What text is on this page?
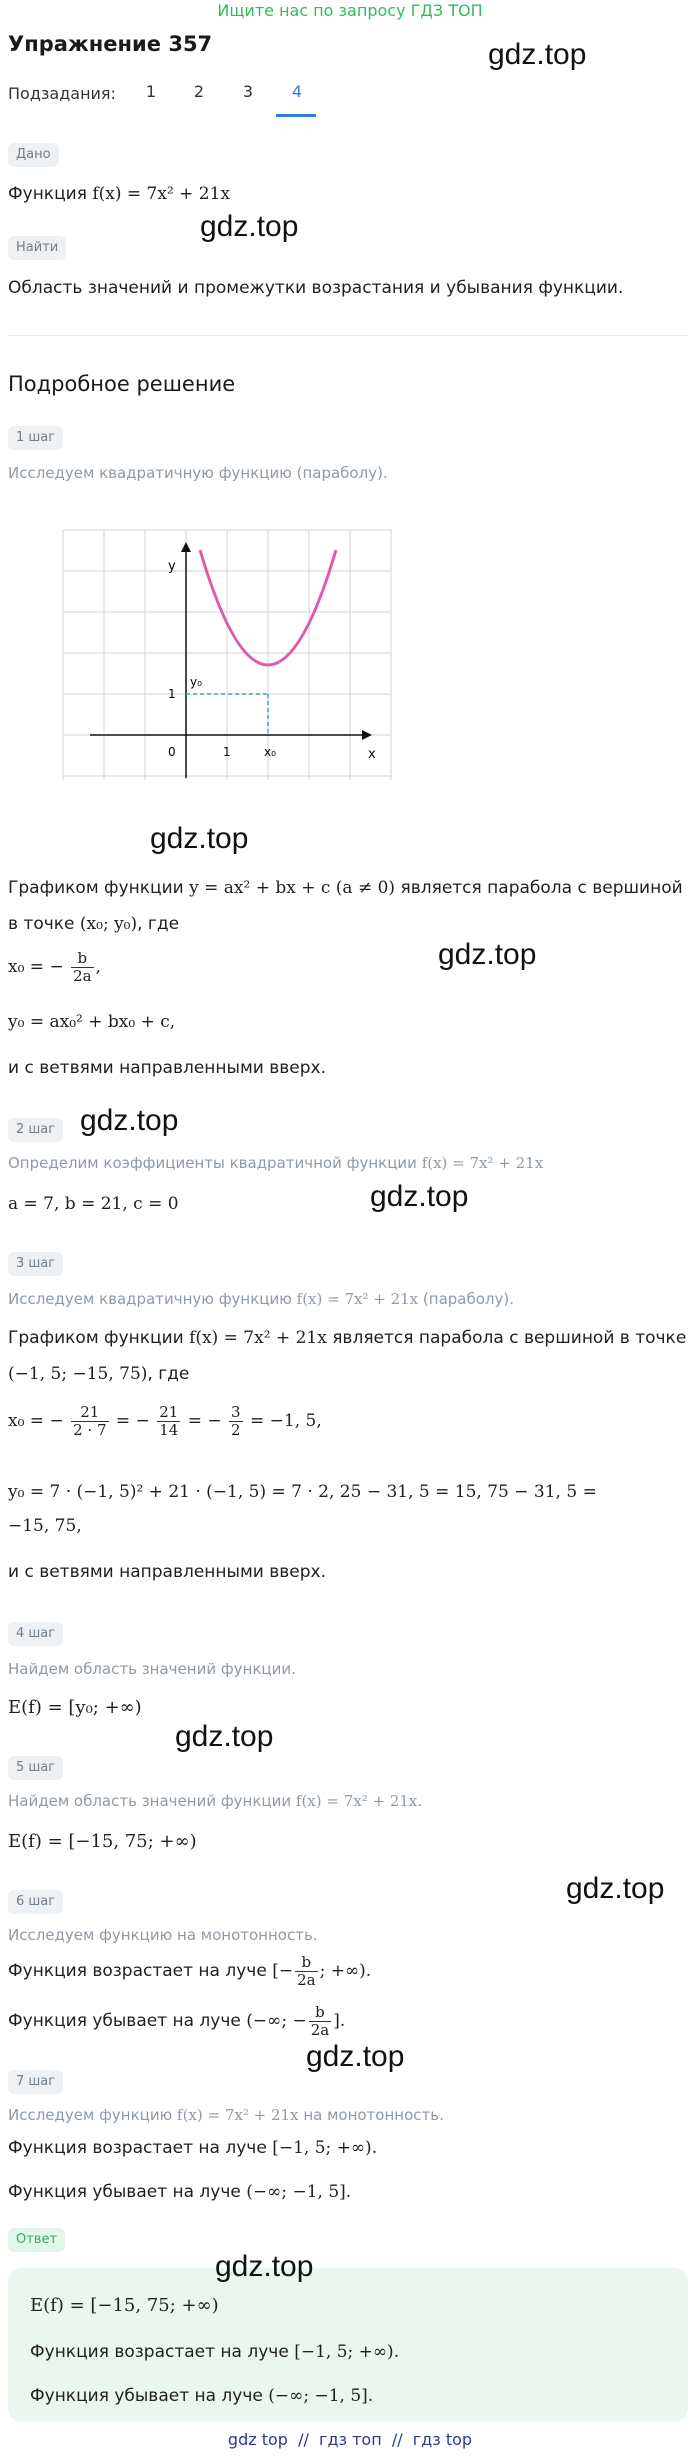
Ищите нас по запросу ГДЗ ТОП
Упражнение 357	gdz.top
Подзадания:	1	2	3	4
Дано
Функция f(x) = 7x² + 21x
gdz.top
Найти
Область значений и промежутки возрастания и убывания функции.
Подробное решение
1 шаг
Исследуем квадратичную функцию (параболу).
y
x
0	1
1
y₀
x₀
gdz.top
Графиком функции y = ax² + bx + c (a ≠ 0) является парабола с вершиной
в точке (x₀; y₀), где
gdz.top
x₀ = − $\frac{b}{2a}$ ,
y₀ = ax₀² + bx₀ + c,
и с ветвями направленными вверх.
gdz.top
2 шаг
Определим коэффициенты квадратичной функции f(x) = 7x² + 21x
gdz.top
a = 7, b = 21, c = 0
3 шаг
Исследуем квадратичную функцию f(x) = 7x² + 21x (параболу).
Графиком функции f(x) = 7x² + 21x является парабола с вершиной в точке
(−1, 5; −15, 75), где
x₀ = − $\frac{21}{2 \cdot 7}$ = − $\frac{21}{14}$ = − $\frac{3}{2} = -1$, 5,
y₀ = 7 · (−1, 5)² + 21 · (−1, 5) = 7 · 2, 25 − 31, 5 = 15, 75 − 31, 5 =
−15, 75,
и с ветвями направленными вверх.
4 шаг
Найдем область значений функции.
E(f) = [y₀; +∞)
gdz.top
5 шаг
Найдем область значений функции f(x) = 7x² + 21x.
E(f) = [−15, 75; +∞)
gdz.top
6 шаг
Исследуем функцию на монотонность.
Функция возрастает на луче [− $\frac{b}{2a}$ ; +∞).
Функция убывает на луче (−∞; − $\frac{b}{2a}$ ].
gdz.top
7 шаг
Исследуем функцию f(x) = 7x² + 21x на монотонность.
Функция возрастает на луче [−1, 5; +∞).
Функция убывает на луче (−∞; −1, 5].
Ответ
gdz.top
E(f) = [−15, 75; +∞)
Функция возрастает на луче [−1, 5; +∞).
Функция убывает на луче (−∞; −1, 5].
gdz top  //  гдз топ  //  гдз top
